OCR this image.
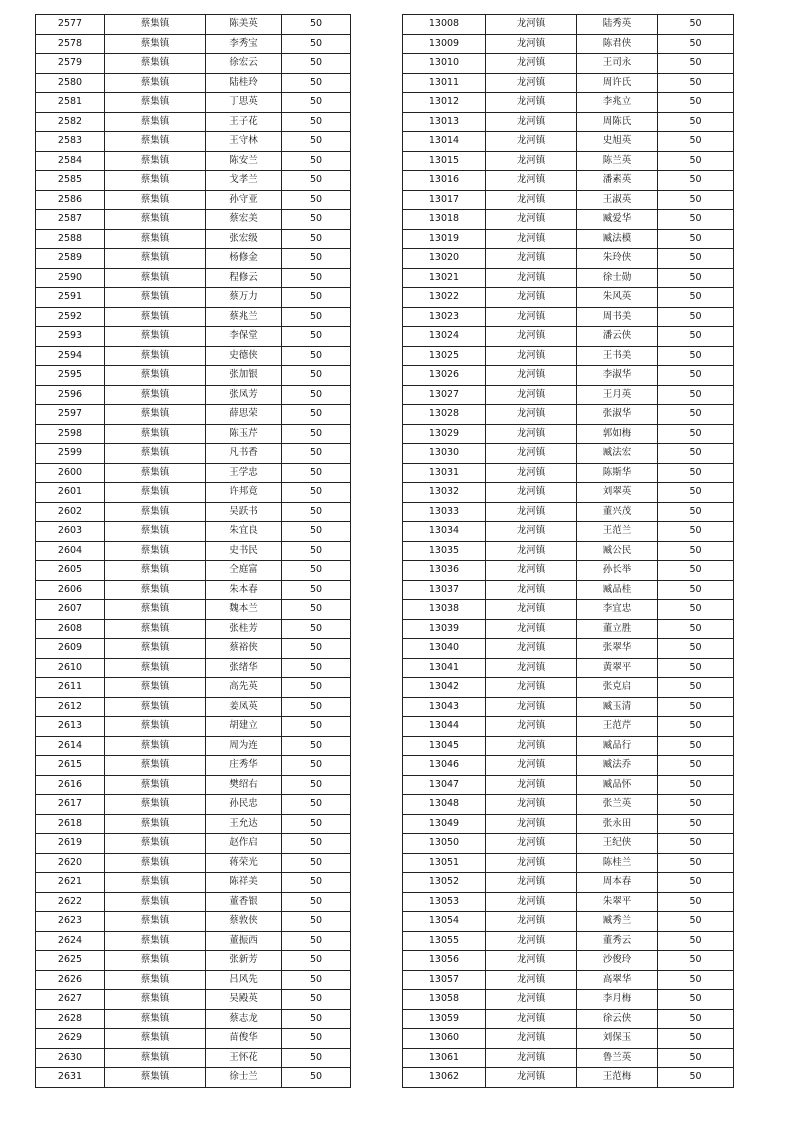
2577	蔡集镇	陈美英	50
2578	蔡集镇	李秀宝	50
2579	蔡集镇	徐宏云	50
2580	蔡集镇	陆桂玲	50
2581	蔡集镇	丁思英	50
2582	蔡集镇	王子花	50
2583	蔡集镇	王守林	50
2584	蔡集镇	陈安兰	50
2585	蔡集镇	戈孝兰	50
2586	蔡集镇	孙守亚	50
2587	蔡集镇	蔡宏美	50
2588	蔡集镇	张宏级	50
2589	蔡集镇	杨修金	50
2590	蔡集镇	程修云	50
2591	蔡集镇	蔡万力	50
2592	蔡集镇	蔡兆兰	50
2593	蔡集镇	李保堂	50
2594	蔡集镇	史德侠	50
2595	蔡集镇	张加银	50
2596	蔡集镇	张凤芳	50
2597	蔡集镇	薛思荣	50
2598	蔡集镇	陈玉芹	50
2599	蔡集镇	凡书香	50
2600	蔡集镇	王学忠	50
2601	蔡集镇	许邦竟	50
2602	蔡集镇	吴跃书	50
2603	蔡集镇	朱宜良	50
2604	蔡集镇	史书民	50
2605	蔡集镇	仝庭富	50
2606	蔡集镇	朱本春	50
2607	蔡集镇	魏本兰	50
2608	蔡集镇	张桂芳	50
2609	蔡集镇	蔡裕侠	50
2610	蔡集镇	张绪华	50
2611	蔡集镇	高先英	50
2612	蔡集镇	姜凤英	50
2613	蔡集镇	胡建立	50
2614	蔡集镇	周为连	50
2615	蔡集镇	庄秀华	50
2616	蔡集镇	樊绍右	50
2617	蔡集镇	孙民忠	50
2618	蔡集镇	王允达	50
2619	蔡集镇	赵作启	50
2620	蔡集镇	蒋荣光	50
2621	蔡集镇	陈祥美	50
2622	蔡集镇	董香银	50
2623	蔡集镇	蔡敦侠	50
2624	蔡集镇	董振西	50
2625	蔡集镇	张新芳	50
2626	蔡集镇	吕风先	50
2627	蔡集镇	吴殿英	50
2628	蔡集镇	蔡志龙	50
2629	蔡集镇	苗俊华	50
2630	蔡集镇	王怀花	50
2631	蔡集镇	徐士兰	50
13008	龙河镇	陆秀英	50
13009	龙河镇	陈君侠	50
13010	龙河镇	王司永	50
13011	龙河镇	周许氏	50
13012	龙河镇	李兆立	50
13013	龙河镇	周陈氏	50
13014	龙河镇	史旭英	50
13015	龙河镇	陈兰英	50
13016	龙河镇	潘素英	50
13017	龙河镇	王淑英	50
13018	龙河镇	臧爱华	50
13019	龙河镇	臧法模	50
13020	龙河镇	朱玲侠	50
13021	龙河镇	徐士勋	50
13022	龙河镇	朱风英	50
13023	龙河镇	周书美	50
13024	龙河镇	潘云侠	50
13025	龙河镇	王书美	50
13026	龙河镇	李淑华	50
13027	龙河镇	王月英	50
13028	龙河镇	张淑华	50
13029	龙河镇	郭如梅	50
13030	龙河镇	臧法宏	50
13031	龙河镇	陈斯华	50
13032	龙河镇	刘翠英	50
13033	龙河镇	董兴茂	50
13034	龙河镇	王范兰	50
13035	龙河镇	臧公民	50
13036	龙河镇	孙长举	50
13037	龙河镇	臧品桂	50
13038	龙河镇	李宜忠	50
13039	龙河镇	董立胜	50
13040	龙河镇	张翠华	50
13041	龙河镇	黄翠平	50
13042	龙河镇	张克启	50
13043	龙河镇	臧玉清	50
13044	龙河镇	王范芹	50
13045	龙河镇	臧品行	50
13046	龙河镇	臧法乔	50
13047	龙河镇	臧品怀	50
13048	龙河镇	张兰英	50
13049	龙河镇	张永田	50
13050	龙河镇	王纪侠	50
13051	龙河镇	陈桂兰	50
13052	龙河镇	周本春	50
13053	龙河镇	朱翠平	50
13054	龙河镇	臧秀兰	50
13055	龙河镇	董秀云	50
13056	龙河镇	沙俊玲	50
13057	龙河镇	高翠华	50
13058	龙河镇	李月梅	50
13059	龙河镇	徐云侠	50
13060	龙河镇	刘保玉	50
13061	龙河镇	鲁兰英	50
13062	龙河镇	王范梅	50
